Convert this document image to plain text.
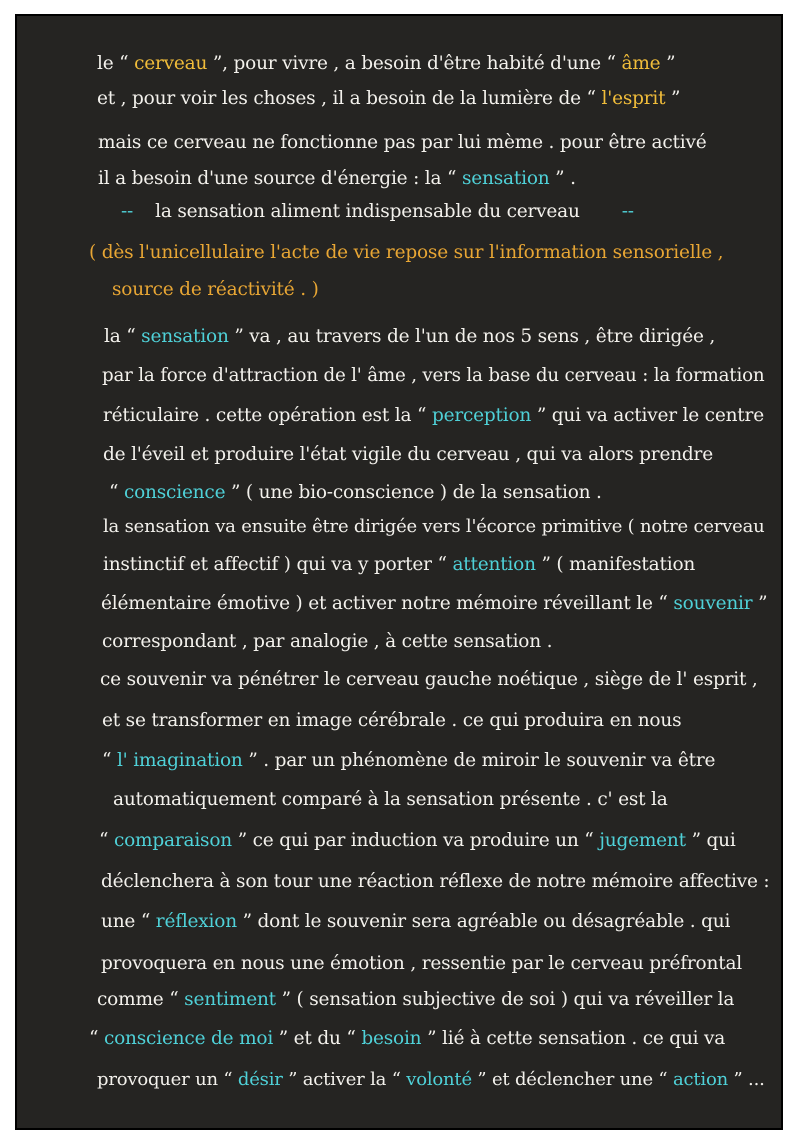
le “ cerveau ”, pour vivre , a besoin d'être habité d'une “ âme ”
et , pour voir les choses , il a besoin de la lumière de “ l'esprit ”
mais ce cerveau ne fonctionne pas par lui mème . pour être activé
il a besoin d'une source d'énergie : la “ sensation ” .
-- la sensation aliment indispensable du cerveau --
( dès l'unicellulaire l'acte de vie repose sur l'information sensorielle ,
source de réactivité . )
la “ sensation ” va , au travers de l'un de nos 5 sens , être dirigée ,
par la force d'attraction de l' âme , vers la base du cerveau : la formation
réticulaire . cette opération est la “ perception ” qui va activer le centre
de l'éveil et produire l'état vigile du cerveau , qui va alors prendre
“ conscience ” ( une bio-conscience ) de la sensation .
la sensation va ensuite être dirigée vers l'écorce primitive ( notre cerveau
instinctif et affectif ) qui va y porter “ attention ” ( manifestation
élémentaire émotive ) et activer notre mémoire réveillant le “ souvenir ”
correspondant , par analogie , à cette sensation .
ce souvenir va pénétrer le cerveau gauche noétique , siège de l' esprit ,
et se transformer en image cérébrale . ce qui produira en nous
“ l' imagination ” . par un phénomène de miroir le souvenir va être
automatiquement comparé à la sensation présente . c' est la
“ comparaison ” ce qui par induction va produire un “ jugement ” qui
déclenchera à son tour une réaction réflexe de notre mémoire affective :
une “ réflexion ” dont le souvenir sera agréable ou désagréable . qui
provoquera en nous une émotion , ressentie par le cerveau préfrontal
comme “ sentiment ” ( sensation subjective de soi ) qui va réveiller la
“ conscience de moi ” et du “ besoin ” lié à cette sensation . ce qui va
provoquer un “ désir ” activer la “ volonté ” et déclencher une “ action ” ...
